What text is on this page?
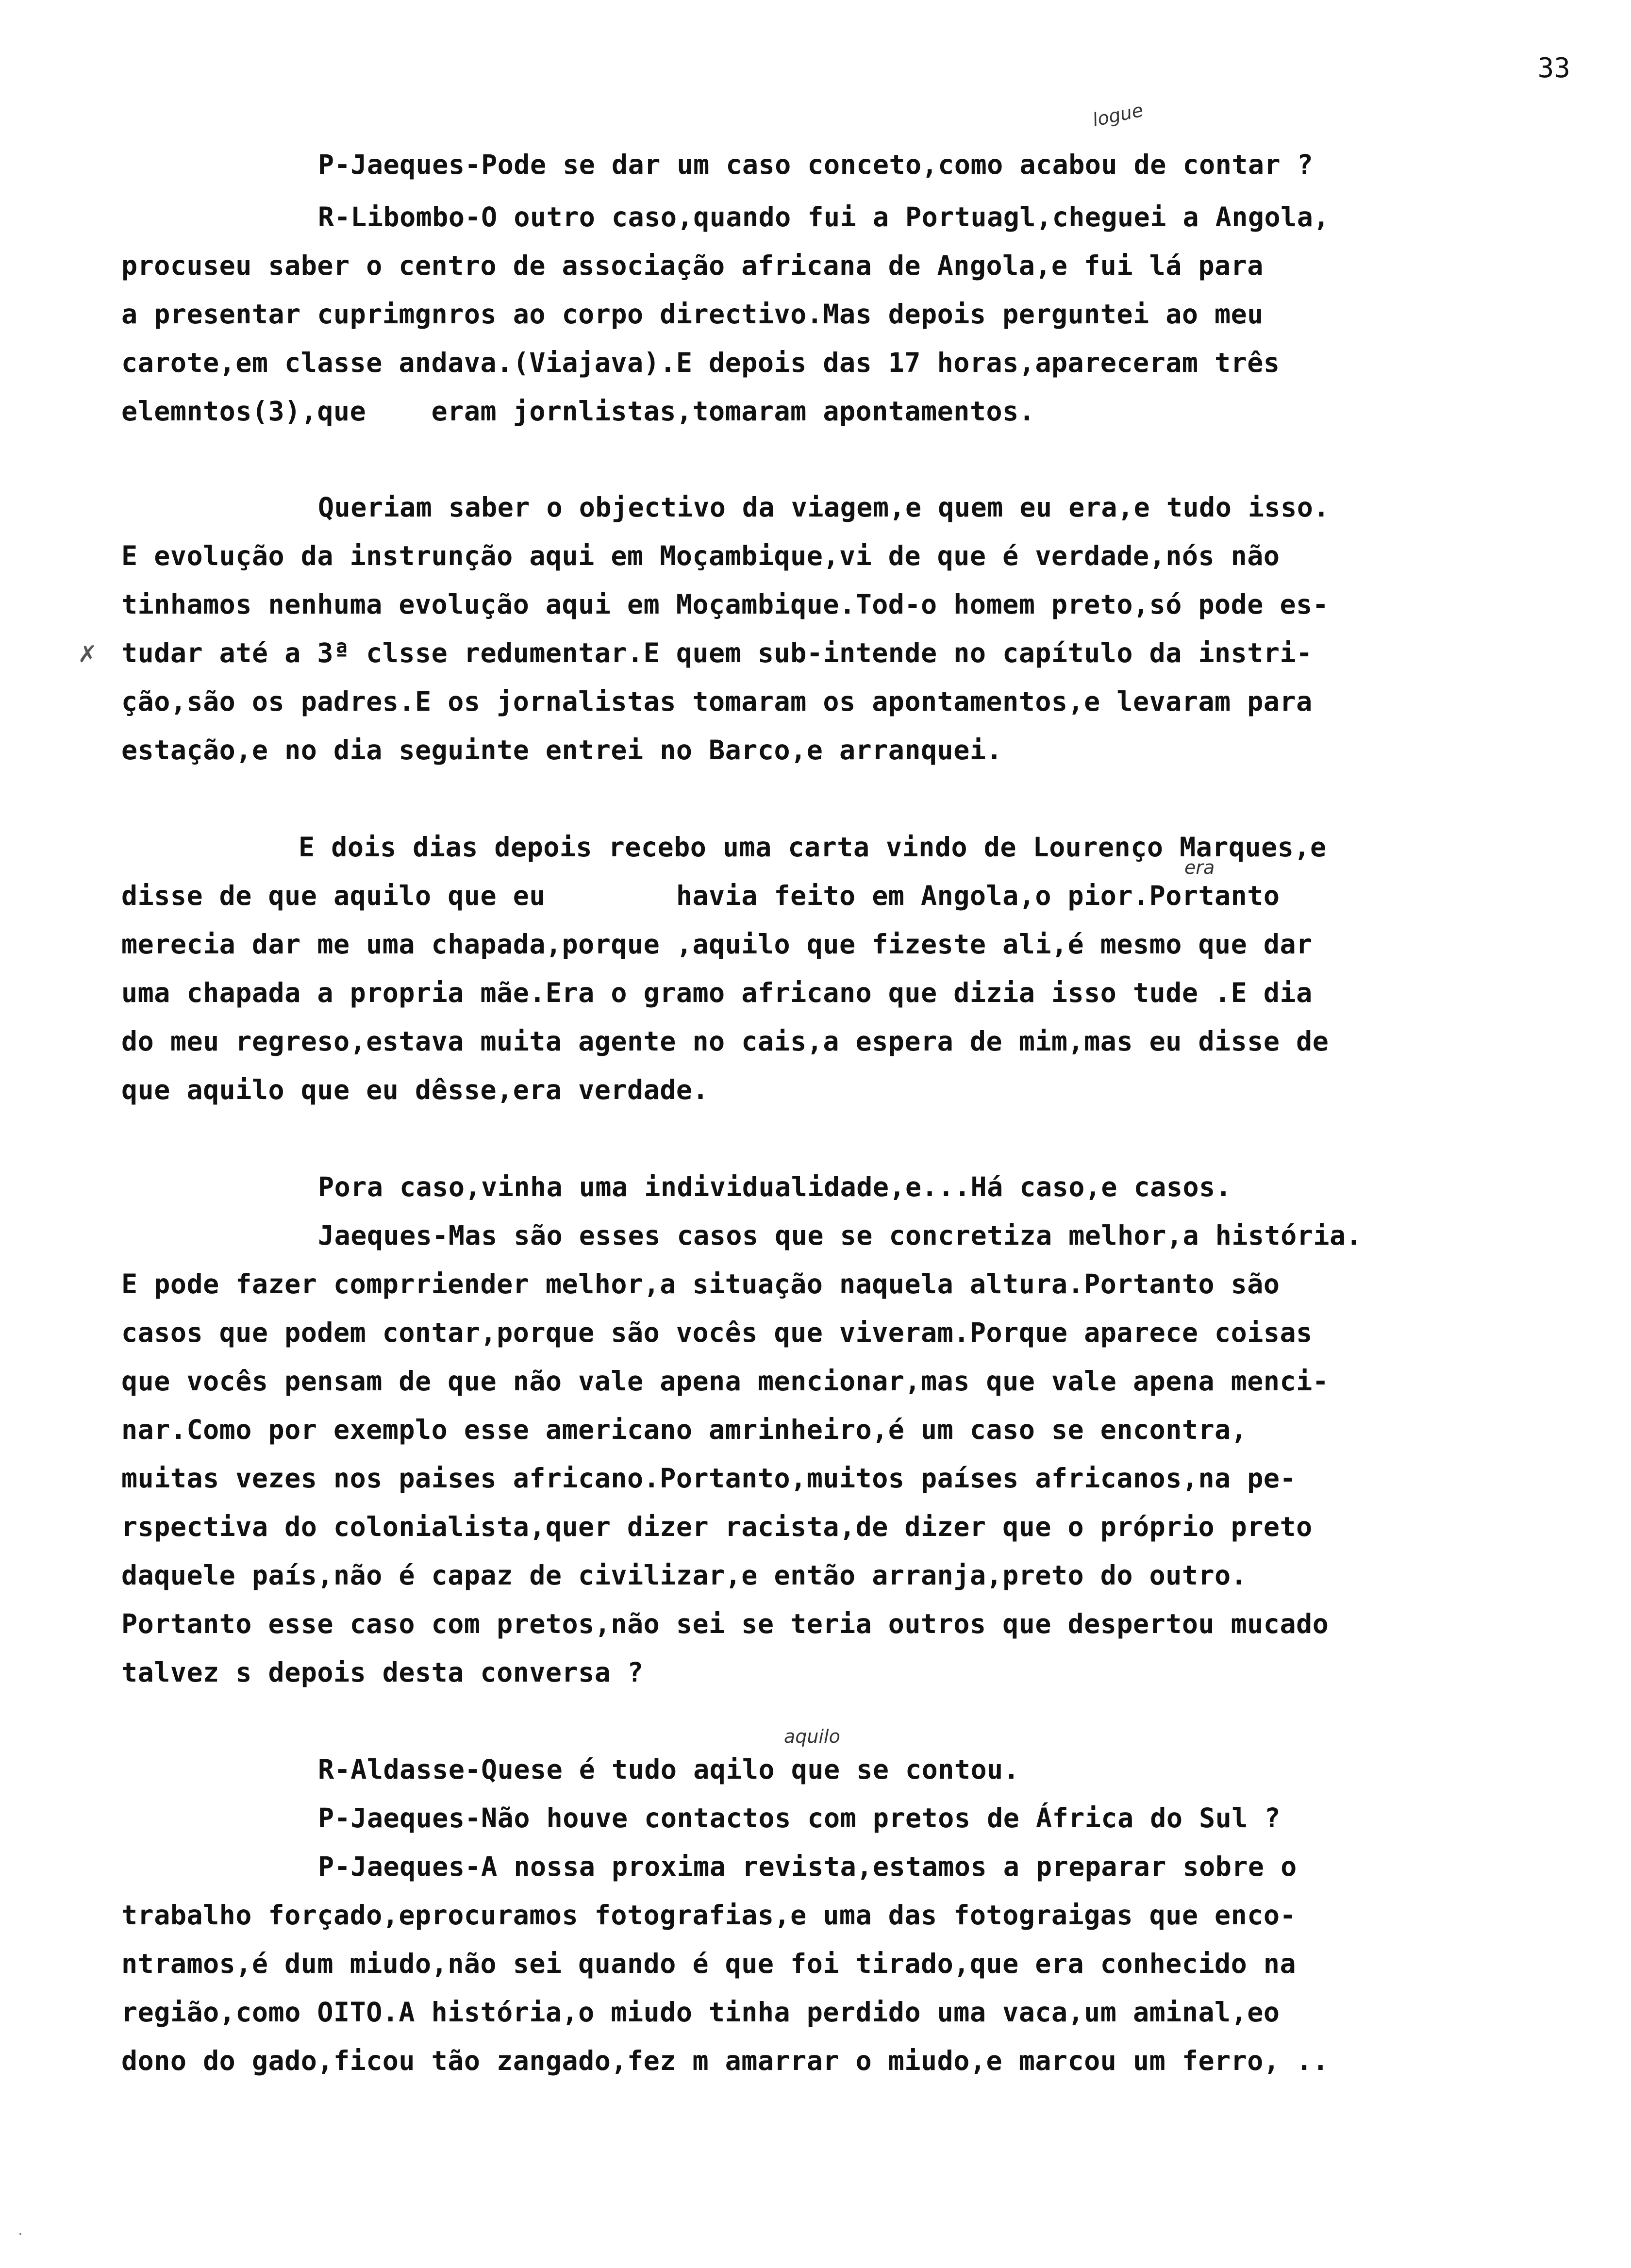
33
logue
era
aquilo
✗
P-Jaeques-Pode se dar um caso conceto,como acabou de contar ?
R-Libombo-O outro caso,quando fui a Portuagl,cheguei a Angola,
procuseu saber o centro de associação africana de Angola,e fui lá para
a presentar cuprimgnros ao corpo directivo.Mas depois perguntei ao meu
carote,em classe andava.(Viajava).E depois das 17 horas,apareceram três
elemntos(3),que    eram jornlistas,tomaram apontamentos.
Queriam saber o objectivo da viagem,e quem eu era,e tudo isso.
E evolução da instrunção aqui em Moçambique,vi de que é verdade,nós não
tinhamos nenhuma evolução aqui em Moçambique.Tod-o homem preto,só pode es-
tudar até a 3ª clsse redumentar.E quem sub-intende no capítulo da instri-
ção,são os padres.E os jornalistas tomaram os apontamentos,e levaram para
estação,e no dia seguinte entrei no Barco,e arranquei.
E dois dias depois recebo uma carta vindo de Lourenço Marques,e
disse de que aquilo que eu        havia feito em Angola,o pior.Portanto
merecia dar me uma chapada,porque ,aquilo que fizeste ali,é mesmo que dar
uma chapada a propria mãe.Era o gramo africano que dizia isso tude .E dia
do meu regreso,estava muita agente no cais,a espera de mim,mas eu disse de
que aquilo que eu dêsse,era verdade.
Pora caso,vinha uma individualidade,e...Há caso,e casos.
Jaeques-Mas são esses casos que se concretiza melhor,a história.
E pode fazer comprriender melhor,a situação naquela altura.Portanto são
casos que podem contar,porque são vocês que viveram.Porque aparece coisas
que vocês pensam de que não vale apena mencionar,mas que vale apena menci-
nar.Como por exemplo esse americano amrinheiro,é um caso se encontra,
muitas vezes nos paises africano.Portanto,muitos países africanos,na pe-
rspectiva do colonialista,quer dizer racista,de dizer que o próprio preto
daquele país,não é capaz de civilizar,e então arranja,preto do outro.
Portanto esse caso com pretos,não sei se teria outros que despertou mucado
talvez s depois desta conversa ?
R-Aldasse-Quese é tudo aqilo que se contou.
P-Jaeques-Não houve contactos com pretos de África do Sul ?
P-Jaeques-A nossa proxima revista,estamos a preparar sobre o
trabalho forçado,eprocuramos fotografias,e uma das fotograigas que enco-
ntramos,é dum miudo,não sei quando é que foi tirado,que era conhecido na
região,como OITO.A história,o miudo tinha perdido uma vaca,um aminal,eo
dono do gado,ficou tão zangado,fez m amarrar o miudo,e marcou um ferro, ..
